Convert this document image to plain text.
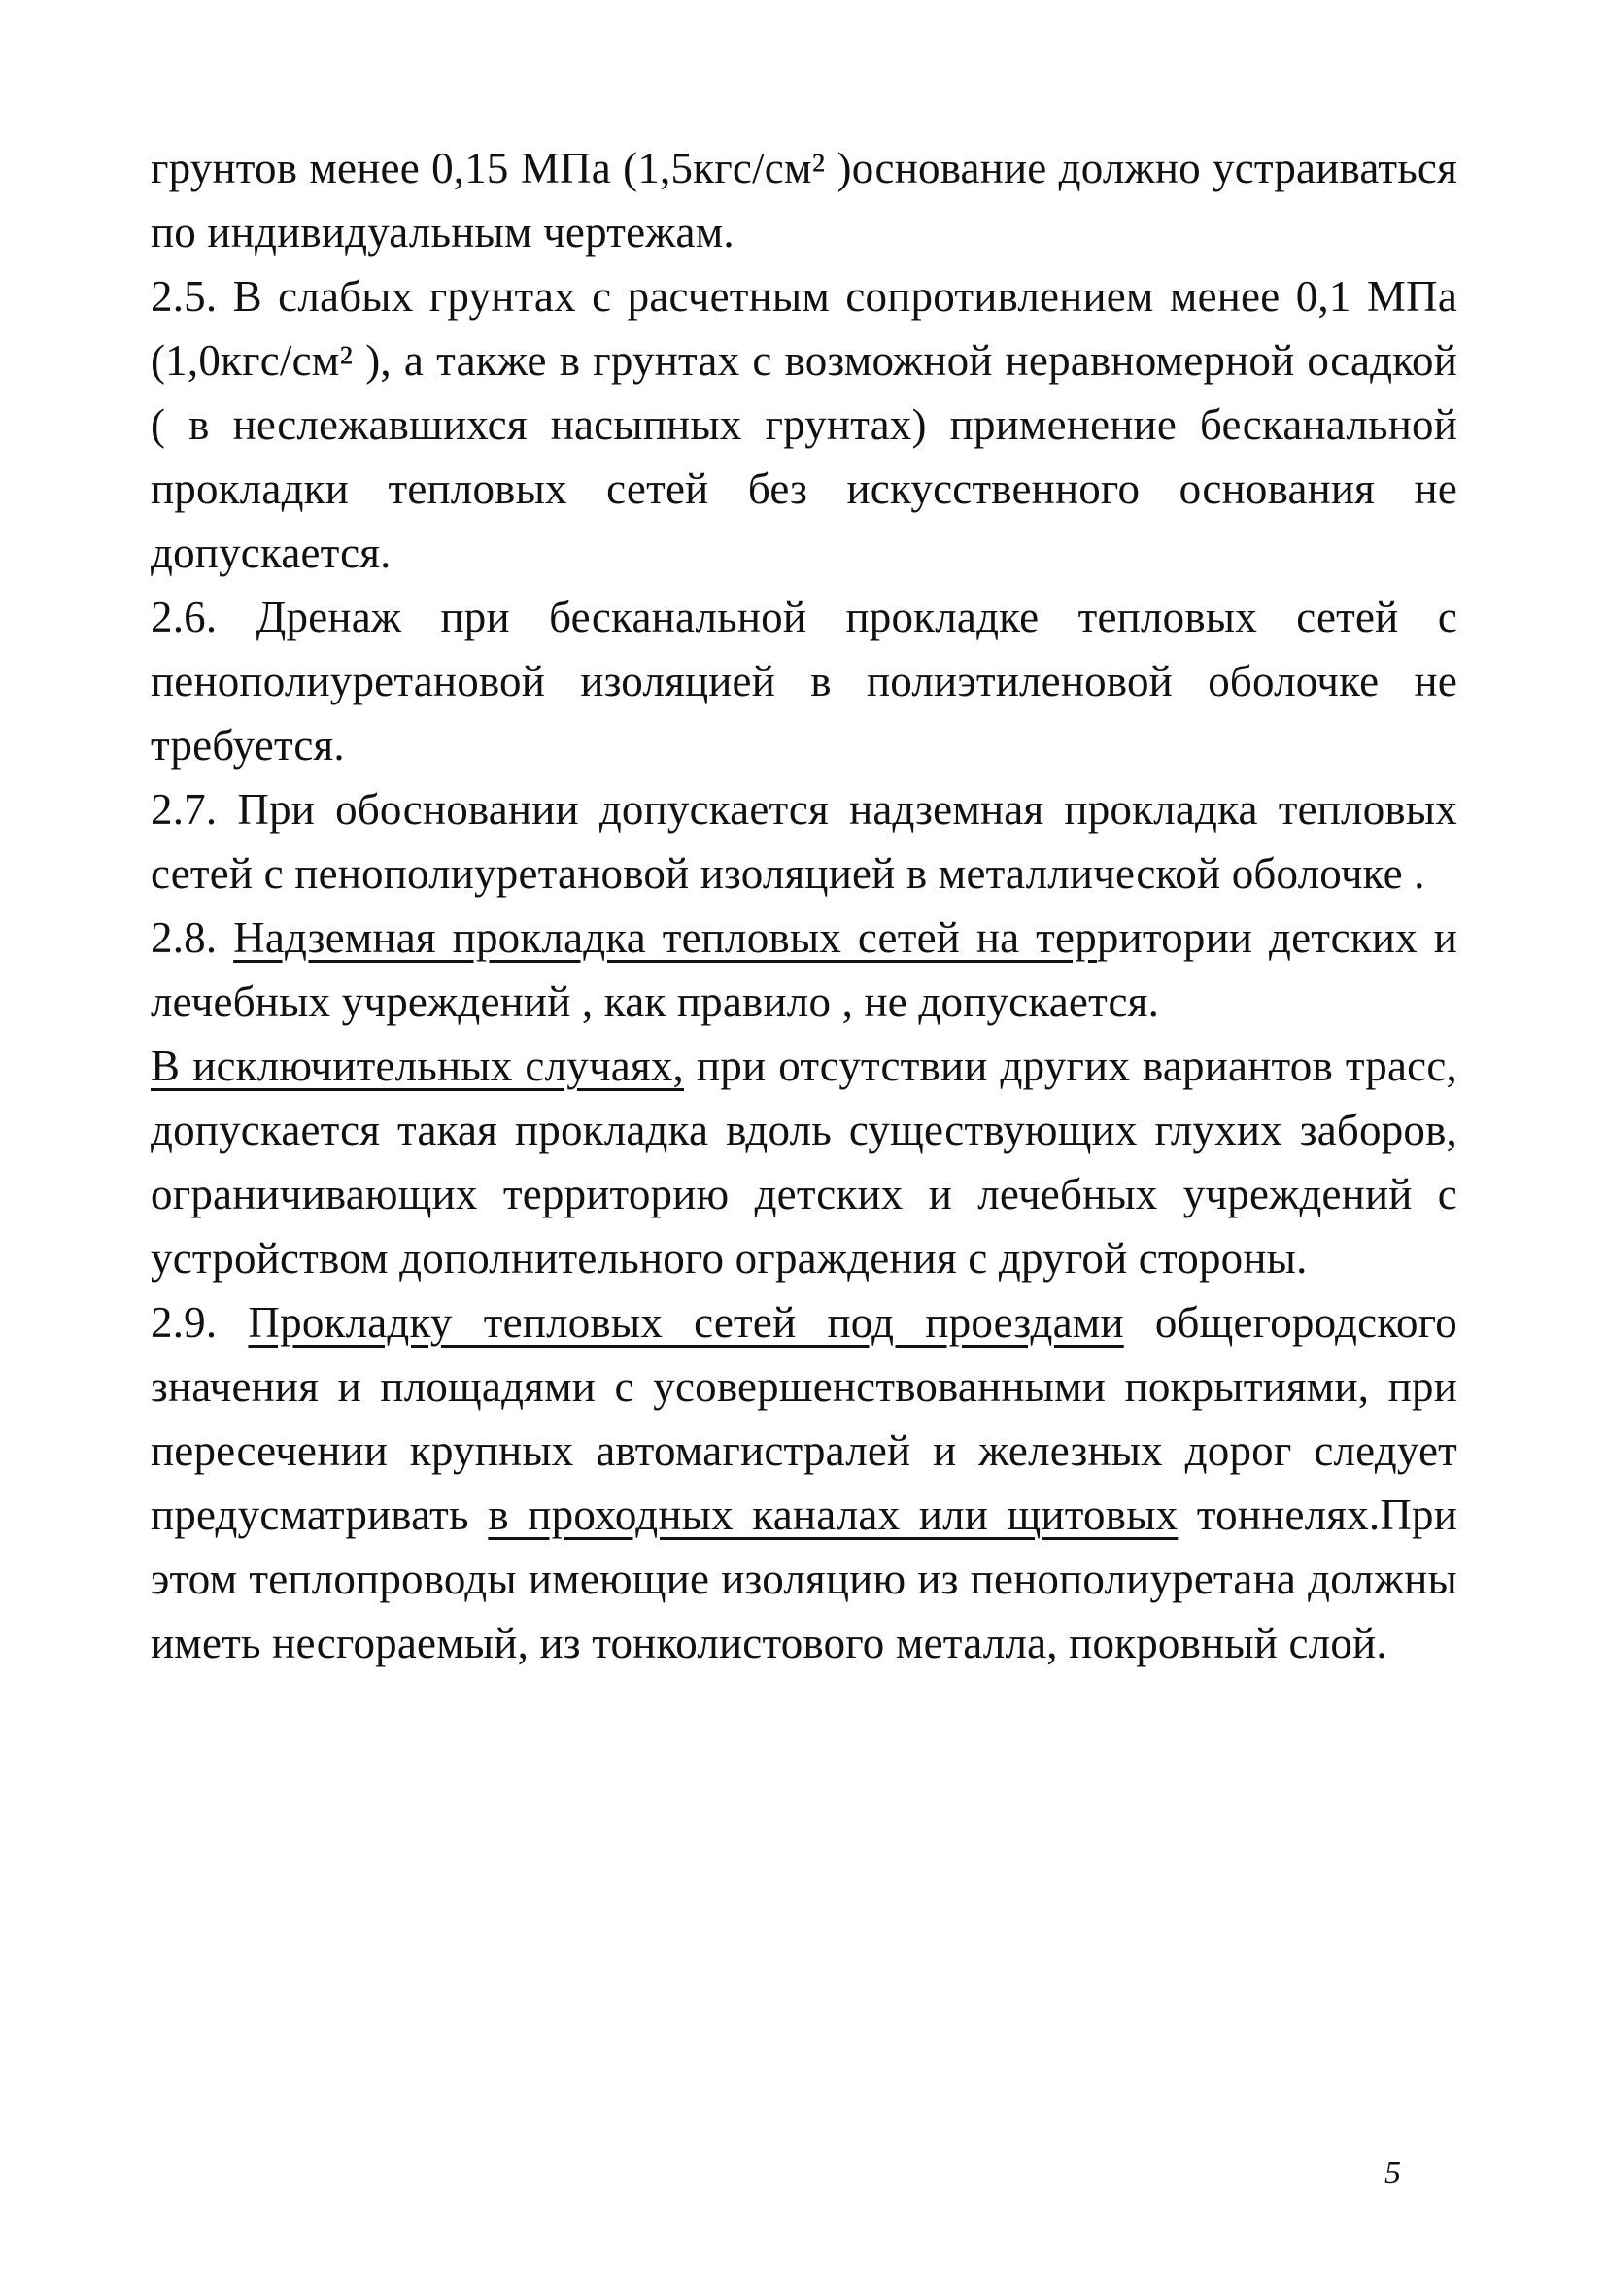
грунтов менее 0,15 МПа (1,5кгс/см² )основание должно устраиваться по индивидуальным чертежам.

2.5. В слабых грунтах с расчетным сопротивлением менее 0,1 МПа (1,0кгс/см² ), а также в грунтах с возможной неравномерной осадкой ( в неслежавшихся насыпных грунтах) применение бесканальной прокладки тепловых сетей без искусственного основания не допускается.

2.6. Дренаж при бесканальной прокладке тепловых сетей с пенополиуретановой изоляцией в полиэтиленовой оболочке не требуется.

2.7. При обосновании допускается надземная прокладка тепловых сетей с пенополиуретановой изоляцией в металлической оболочке .

2.8. Надземная прокладка тепловых сетей на территории детских и лечебных учреждений , как правило , не допускается.

В исключительных случаях, при отсутствии других вариантов трасс, допускается такая прокладка вдоль существующих глухих заборов, ограничивающих территорию детских и лечебных учреждений с устройством дополнительного ограждения с другой стороны.

2.9. Прокладку тепловых сетей под проездами общегородского значения и площадями с усовершенствованными покрытиями, при пересечении крупных автомагистралей и железных дорог следует предусматривать в проходных каналах или щитовых тоннелях.При этом теплопроводы имеющие изоляцию из пенополиуретана должны иметь несгораемый, из тонколистового металла, покровный слой.

5
